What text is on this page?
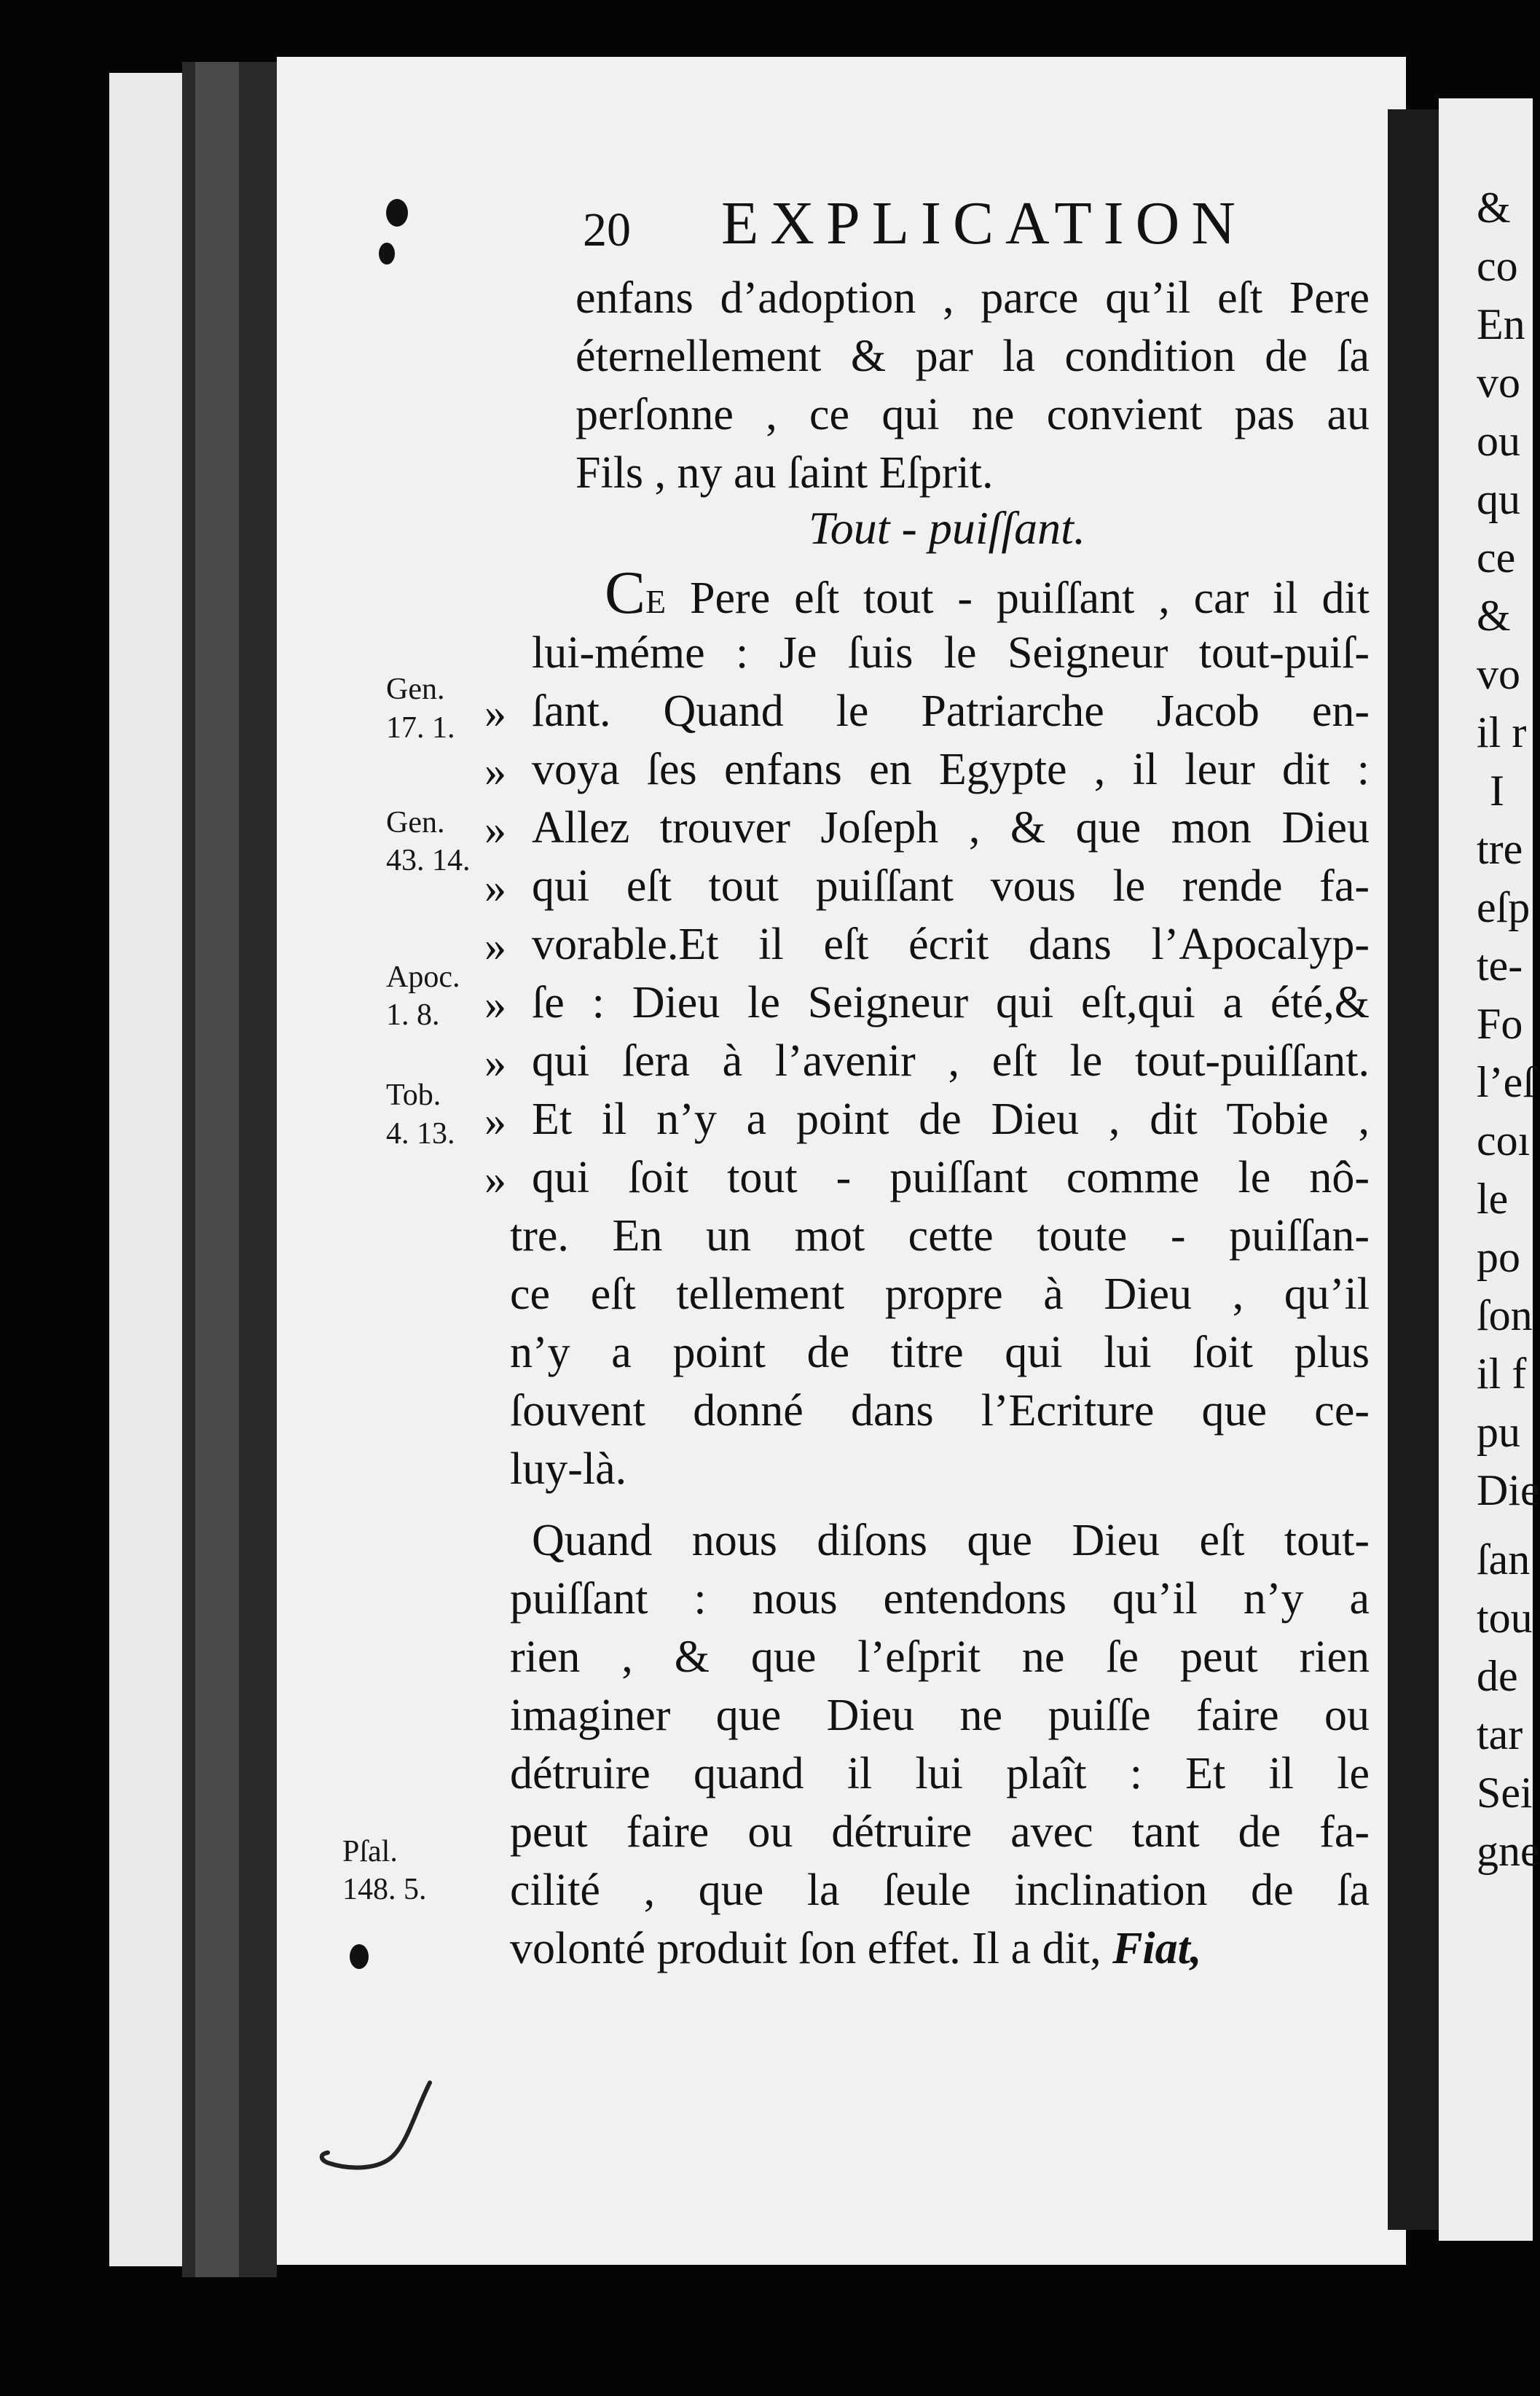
20 EXPLICATION
enfans d’adoption , parce qu’il eſt Pere
éternellement & par la condition de ſa
perſonne , ce qui ne convient pas au
Fils , ny au ſaint Eſprit.
Tout - puiſſant.
CE Pere eſt tout - puiſſant , car il dit
lui-méme : Je ſuis le Seigneur tout-puiſ-
ſant. Quand le Patriarche Jacob en-
voya ſes enfans en Egypte , il leur dit :
Allez trouver Joſeph , & que mon Dieu
qui eſt tout puiſſant vous le rende fa-
vorable.Et il eſt écrit dans l’Apocalyp-
ſe : Dieu le Seigneur qui eſt,qui a été,&
qui ſera à l’avenir , eſt le tout-puiſſant.
Et il n’y a point de Dieu , dit Tobie ,
qui ſoit tout - puiſſant comme le nô-
tre. En un mot cette toute - puiſſan-
ce eſt tellement propre à Dieu , qu’il
n’y a point de titre qui lui ſoit plus
ſouvent donné dans l’Ecriture que ce-
luy-là.
»
»
»
»
»
»
»
»
»
Quand nous diſons que Dieu eſt tout-
puiſſant : nous entendons qu’il n’y a
rien , & que l’eſprit ne ſe peut rien
imaginer que Dieu ne puiſſe faire ou
détruire quand il lui plaît : Et il le
peut faire ou détruire avec tant de fa-
cilité , que la ſeule inclination de ſa
volonté produit ſon effet. Il a dit, Fiat,
Gen.
17. 1.
Gen.
43. 14.
Apoc.
1. 8.
Tob.
4. 13.
Pſal.
148. 5.
&
co
En
vo
ou
qu
ce
&
vo
il r
I
tre
eſp
te-
Fo
l’eſ
coı
le
po
ſon
il f
pu
Die
ſan
tou
de
tar
Sei
gne
